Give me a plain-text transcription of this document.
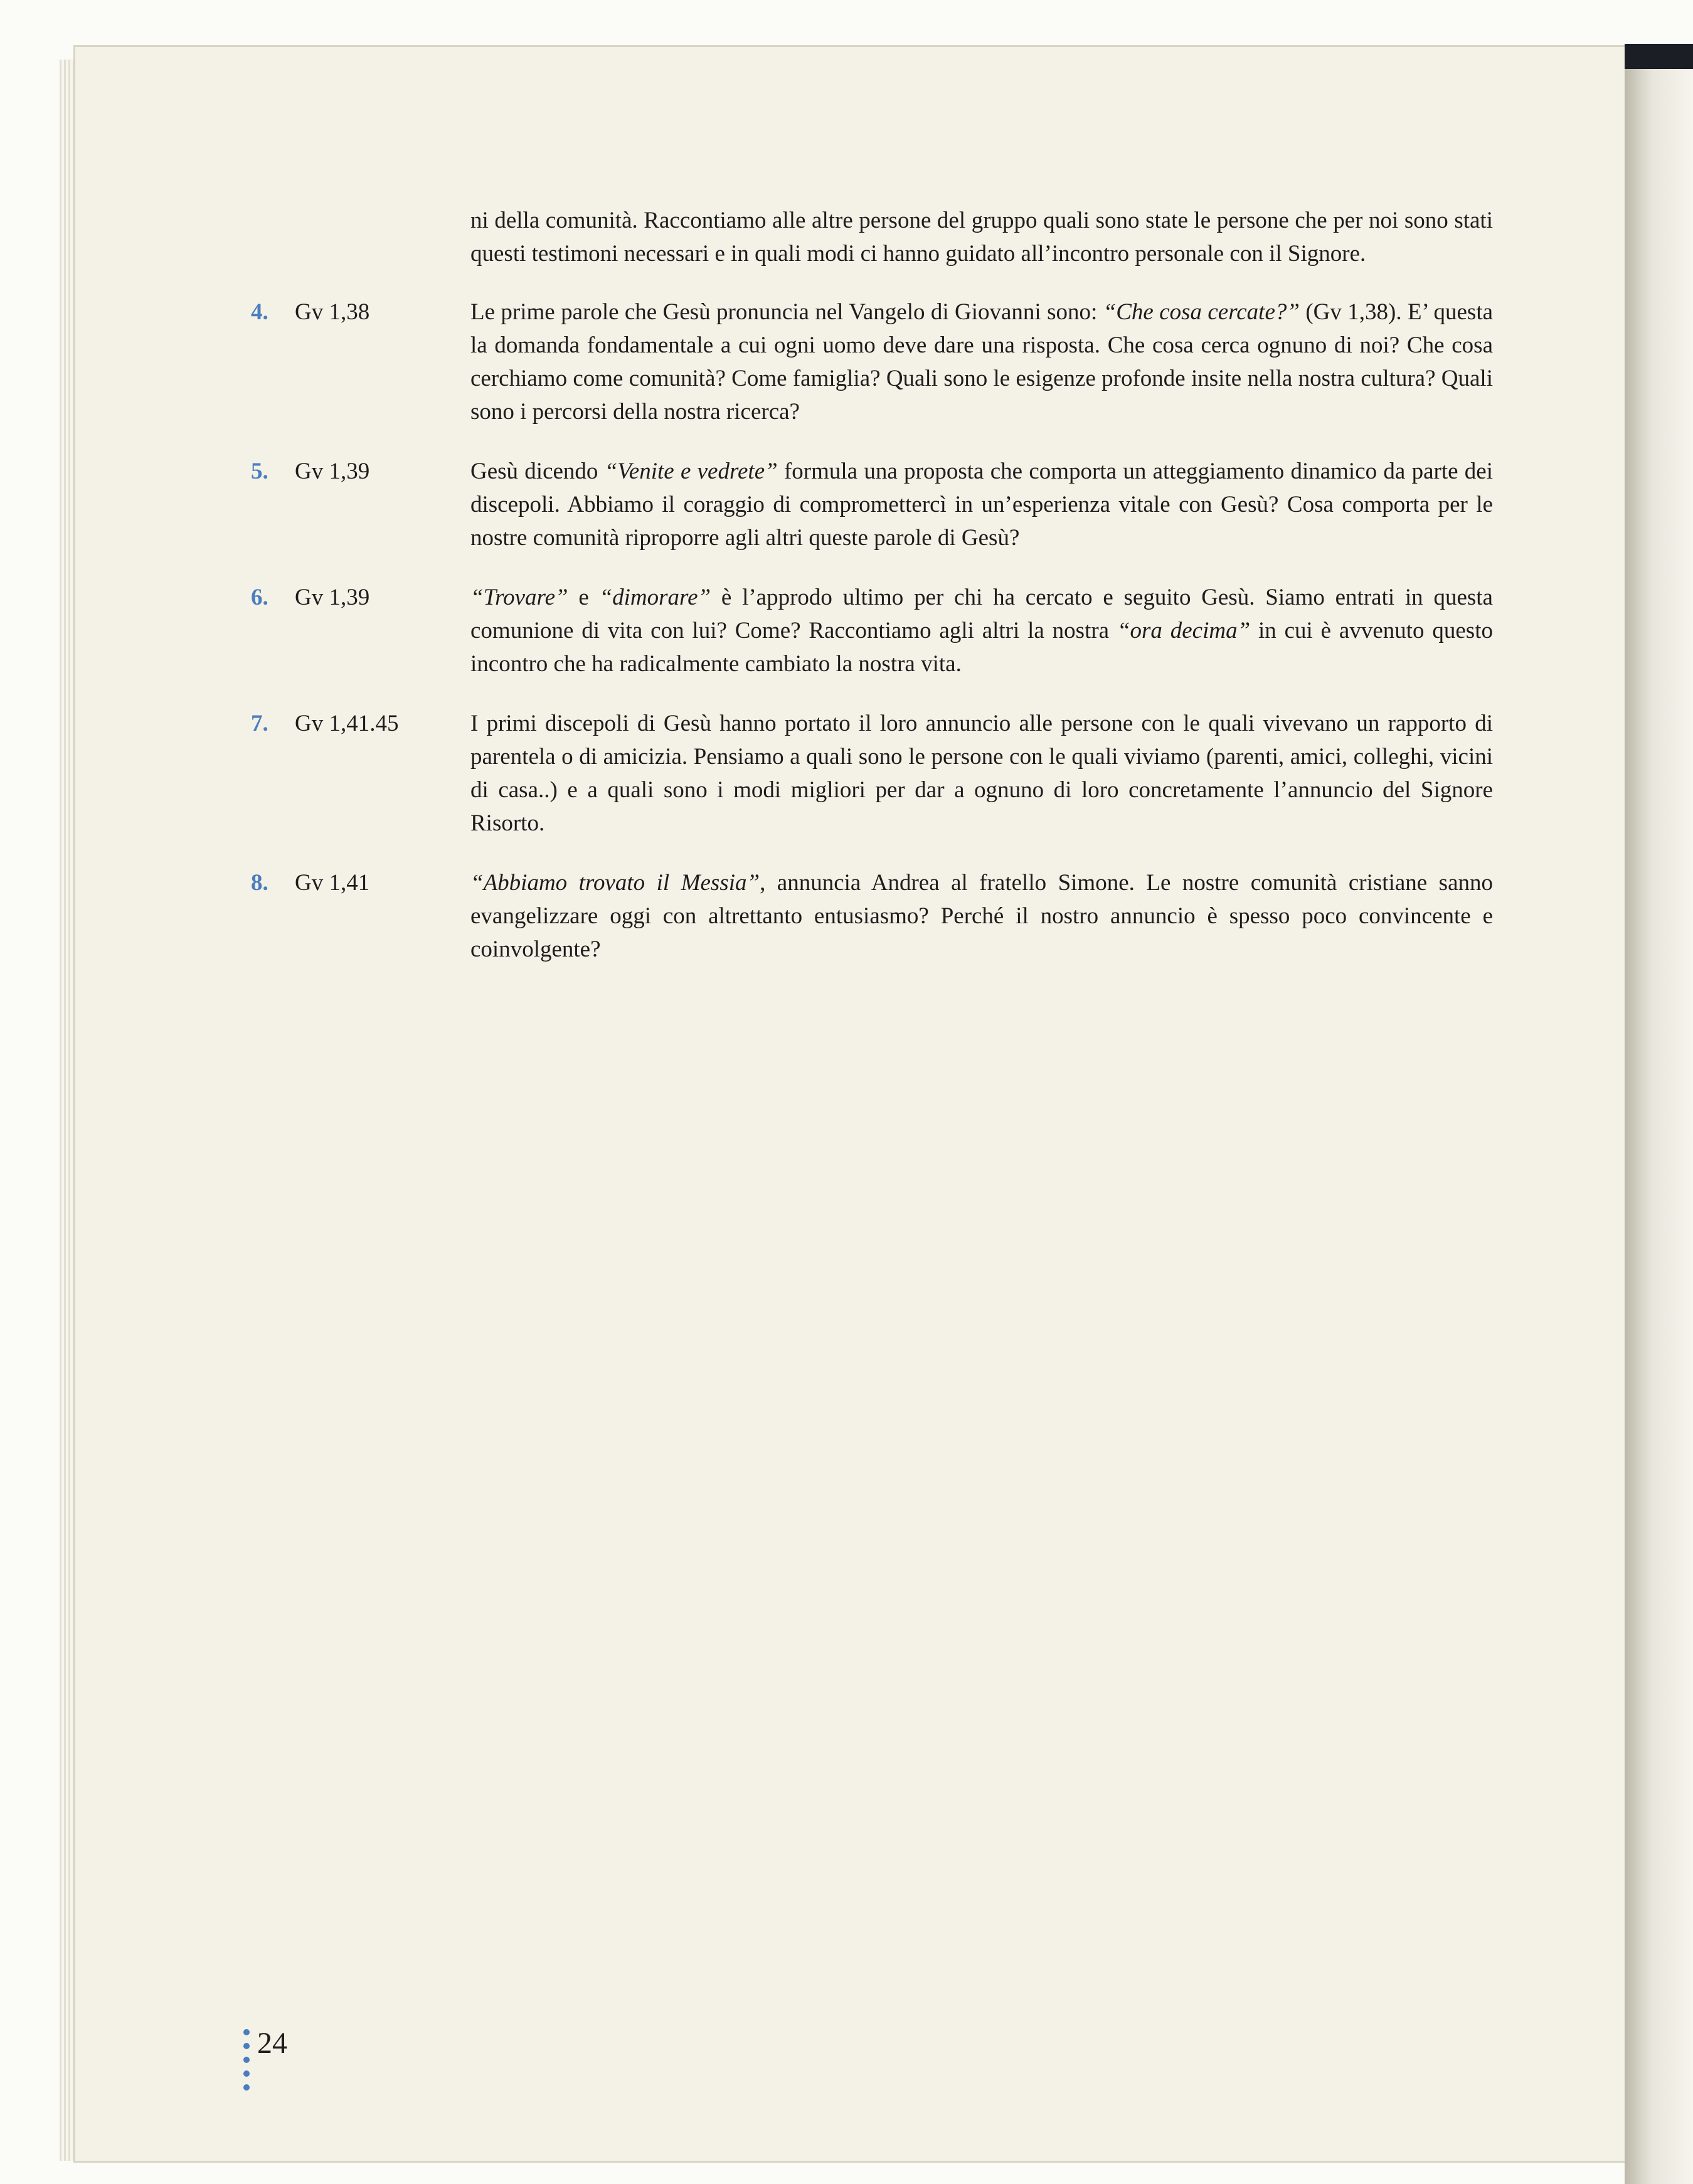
ni della comunità. Raccontiamo alle altre persone del gruppo quali sono state le persone che per noi sono stati questi testimoni necessari e in quali modi ci hanno guidato all’incontro personale con il Signore.

4.	Gv 1,38	Le prime parole che Gesù pronuncia nel Vangelo di Giovanni sono: “Che cosa cercate?” (Gv 1,38). E’ questa la domanda fondamentale a cui ogni uomo deve dare una risposta. Che cosa cerca ognuno di noi? Che cosa cerchiamo come comunità? Come famiglia? Quali sono le esigenze profonde insite nella nostra cultura? Quali sono i percorsi della nostra ricerca?
5.	Gv 1,39	Gesù dicendo “Venite e vedrete” formula una proposta che comporta un atteggiamento dinamico da parte dei discepoli. Abbiamo il coraggio di compromettercì in un’esperienza vitale con Gesù? Cosa comporta per le nostre comunità riproporre agli altri queste parole di Gesù?
6.	Gv 1,39	“Trovare” e “dimorare” è l’approdo ultimo per chi ha cercato e seguito Gesù. Siamo entrati in questa comunione di vita con lui? Come? Raccontiamo agli altri la nostra “ora decima” in cui è avvenuto questo incontro che ha radicalmente cambiato la nostra vita.
7.	Gv 1,41.45	I primi discepoli di Gesù hanno portato il loro annuncio alle persone con le quali vivevano un rapporto di parentela o di amicizia. Pensiamo a quali sono le persone con le quali viviamo (parenti, amici, colleghi, vicini di casa..) e a quali sono i modi migliori per dar a ognuno di loro concretamente l’annuncio del Signore Risorto.
8.	Gv 1,41	“Abbiamo trovato il Messia”, annuncia Andrea al fratello Simone. Le nostre comunità cristiane sanno evangelizzare oggi con altrettanto entusiasmo? Perché il nostro annuncio è spesso poco convincente e coinvolgente?
24
